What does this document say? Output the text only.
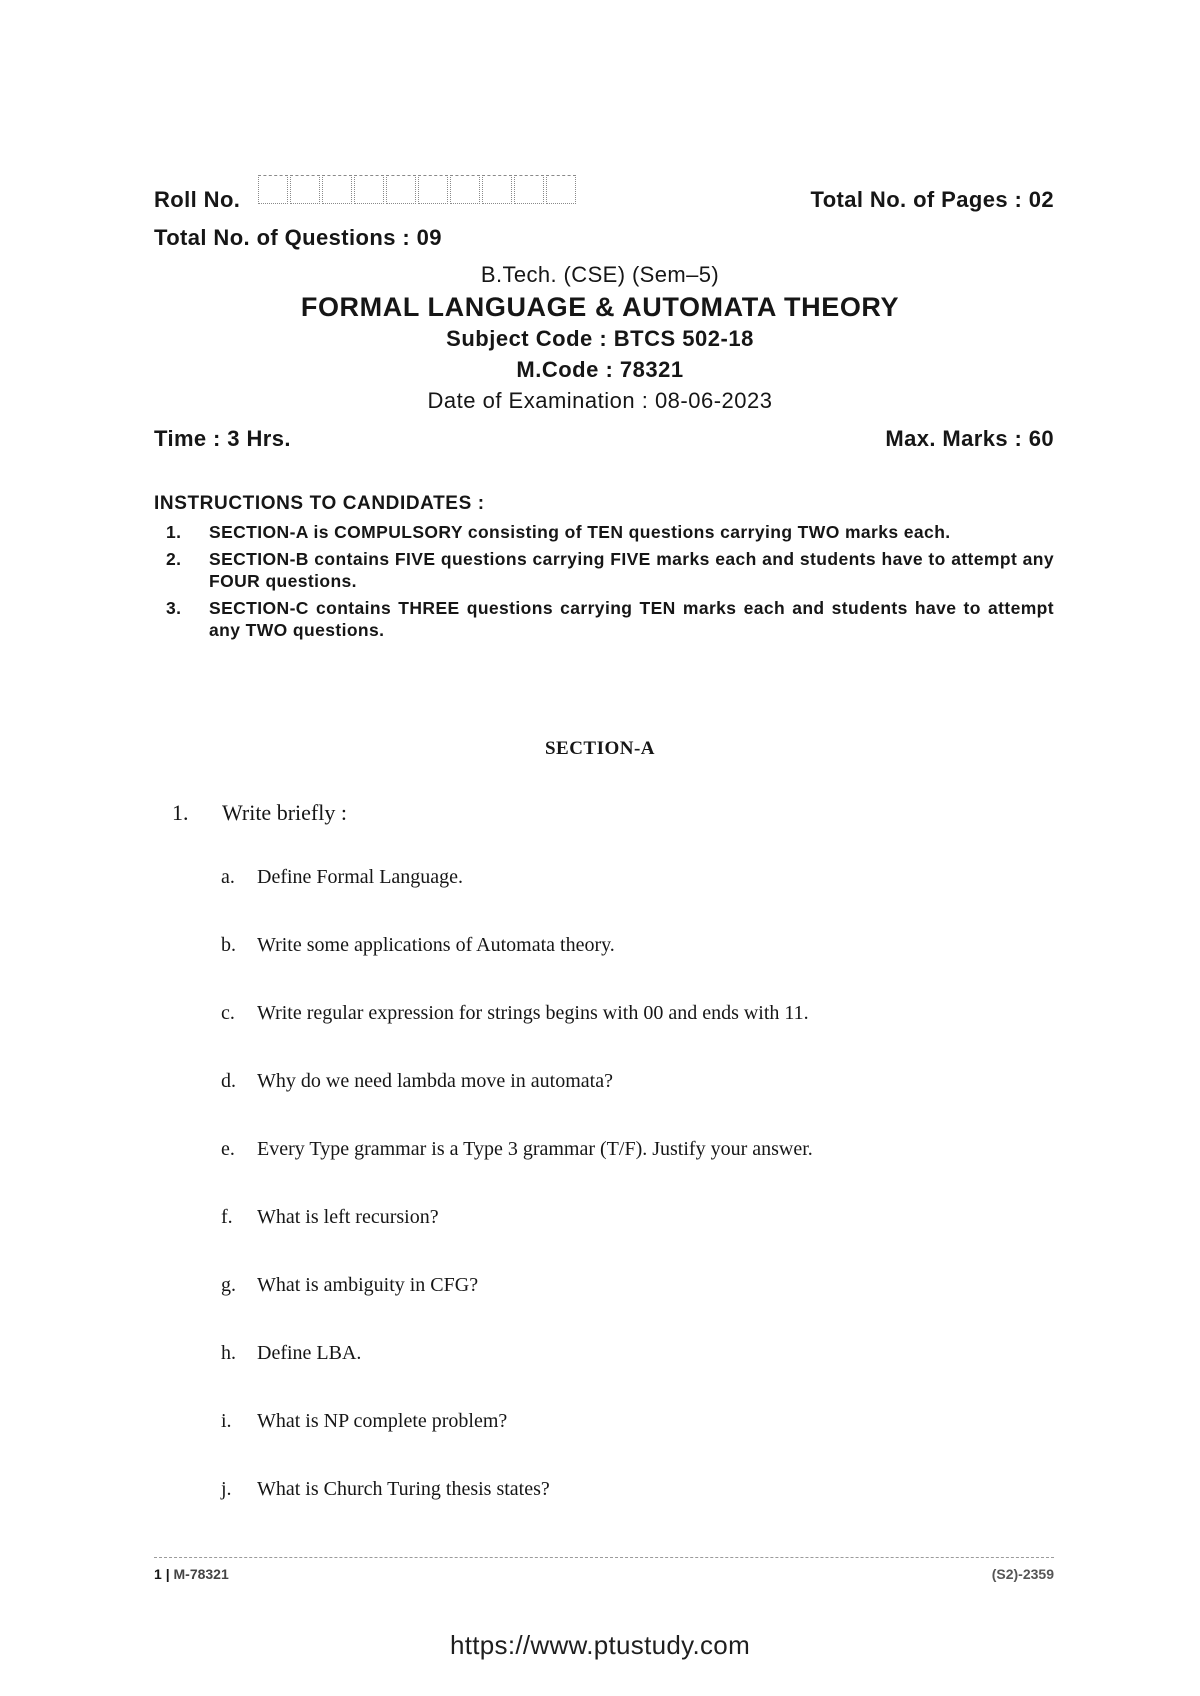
Roll No.	Total No. of Pages : 02
Total No. of Questions : 09
B.Tech. (CSE) (Sem–5)
FORMAL LANGUAGE & AUTOMATA THEORY
Subject Code : BTCS 502-18
M.Code : 78321
Date of Examination : 08-06-2023
Time : 3 Hrs.	Max. Marks : 60
INSTRUCTIONS TO CANDIDATES :
1.	SECTION-A is COMPULSORY consisting of TEN questions carrying TWO marks each.
2.	SECTION-B contains FIVE questions carrying FIVE marks each and students have to attempt any FOUR questions.
3.	SECTION-C contains THREE questions carrying TEN marks each and students have to attempt any TWO questions.
SECTION-A
1. Write briefly :
a. Define Formal Language.
b. Write some applications of Automata theory.
c. Write regular expression for strings begins with 00 and ends with 11.
d. Why do we need lambda move in automata?
e. Every Type grammar is a Type 3 grammar (T/F). Justify your answer.
f. What is left recursion?
g. What is ambiguity in CFG?
h. Define LBA.
i. What is NP complete problem?
j. What is Church Turing thesis states?
1 | M-78321	(S2)-2359
https://www.ptustudy.com
